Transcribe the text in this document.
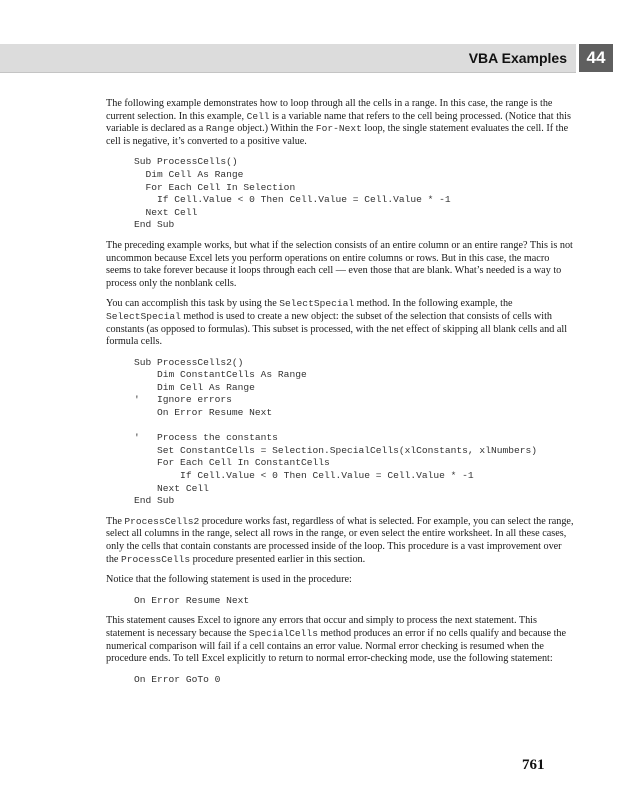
VBA Examples	44

The following example demonstrates how to loop through all the cells in a range. In this case, the range is the current selection. In this example, Cell is a variable name that refers to the cell being processed. (Notice that this variable is declared as a Range object.) Within the For-Next loop, the single statement evaluates the cell. If the cell is negative, it’s converted to a positive value.

Sub ProcessCells()
Dim Cell As Range
For Each Cell In Selection
If Cell.Value < 0 Then Cell.Value = Cell.Value * -1
Next Cell
End Sub

The preceding example works, but what if the selection consists of an entire column or an entire range? This is not uncommon because Excel lets you perform operations on entire columns or rows. But in this case, the macro seems to take forever because it loops through each cell — even those that are blank. What’s needed is a way to process only the nonblank cells.

You can accomplish this task by using the SelectSpecial method. In the following example, the SelectSpecial method is used to create a new object: the subset of the selection that consists of cells with constants (as opposed to formulas). This subset is processed, with the net effect of skipping all blank cells and all formula cells.

Sub ProcessCells2()
Dim ConstantCells As Range
Dim Cell As Range
'   Ignore errors
On Error Resume Next

'   Process the constants
Set ConstantCells = Selection.SpecialCells(xlConstants, xlNumbers)
For Each Cell In ConstantCells
If Cell.Value < 0 Then Cell.Value = Cell.Value * -1
Next Cell
End Sub

The ProcessCells2 procedure works fast, regardless of what is selected. For example, you can select the range, select all columns in the range, select all rows in the range, or even select the entire worksheet. In all these cases, only the cells that contain constants are processed inside of the loop. This procedure is a vast improvement over the ProcessCells procedure presented earlier in this section.

Notice that the following statement is used in the procedure:

On Error Resume Next

This statement causes Excel to ignore any errors that occur and simply to process the next statement. This statement is necessary because the SpecialCells method produces an error if no cells qualify and because the numerical comparison will fail if a cell contains an error value. Normal error checking is resumed when the procedure ends. To tell Excel explicitly to return to normal error-checking mode, use the following statement:

On Error GoTo 0
761
